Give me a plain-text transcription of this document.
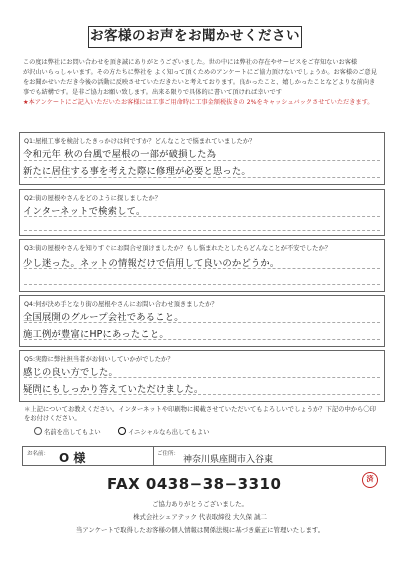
お客様のお声をお聞かせください

この度は弊社にお問い合わせを頂き誠にありがとうございました。世の中には弊社の存在やサービスをご存知ないお客様

が沢山いらっしゃいます。その方たちに弊社を よく知って頂くためのアンケートにご協力頂けないでしょうか。お客様のご意見

をお聞かせいただき今後の活動に反映させていただきたいと考えております。良かったこと、嬉しかったことなどよりな前向き

事でも結構です。是非ご協力お願い致します。出来る限りで具体的に書いて頂ければ幸いです

★本アンケートにご記入いただいたお客様には工事ご用命時に工事金額税抜きの 2%をキャッシュバックさせていただきます。

Q1:屋根工事を検討したきっかけは何ですか？どんなことで悩まれていましたか？
令和元年 秋の台風で屋根の一部が破損した為
新たに居住する事を考えた際に修理が必要と思った。
Q2:街の屋根やさんをどのように探しましたか？
インターネットで検索して。
Q3:街の屋根やさんを知りすぐにお問合せ頂けましたか？もし悩まれたとしたらどんなことが不安でしたか？
少し迷った。ネットの情報だけで信用して良いのかどうか。
Q4:何が決め手となり街の屋根やさんにお問い合わせ頂きましたか？
全国展開のグループ会社であること。
施工例が豊富にHPにあったこと。
Q5:実際に弊社担当者がお伺いしていかがでしたか？
感じの良い方でした。
疑問にもしっかり答えていただけました。

＊上記についてお教えください。インターネットや印刷物に掲載させていただいてもよろしいでしょうか？下記の中から〇印

をお付けください。

名前を出してもよい	イニシャルなら出してもよい
お名前： O 様	ご住所：
神奈川県座間市入谷東
済
FAX 0438−38−3310
ご協力ありがとうございました。
株式会社シェアテック 代表取締役 大久保 誠二
当アンケートで取得したお客様の個人情報は関係法規に基づき厳正に管理いたします。
